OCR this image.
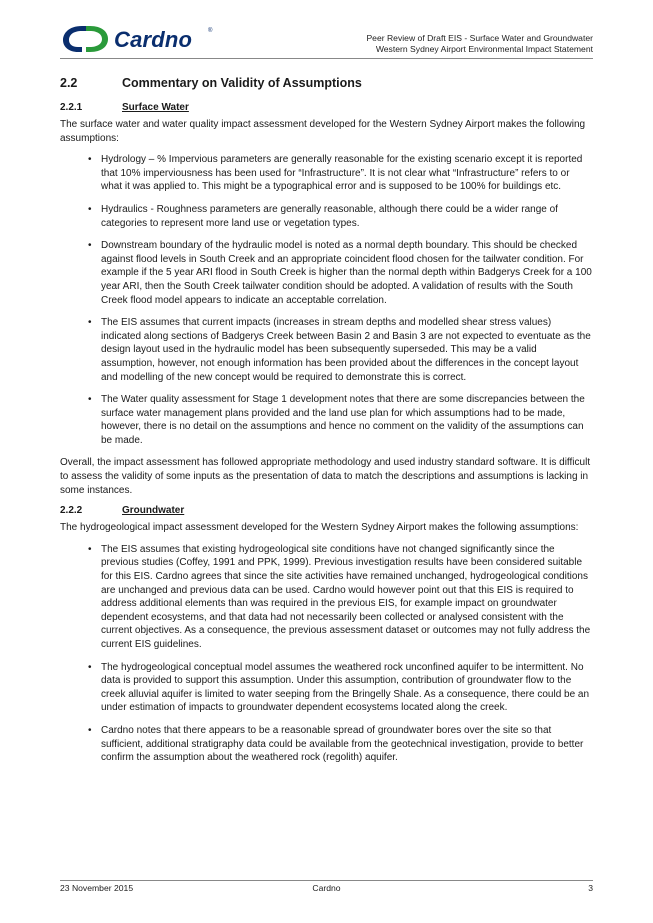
Cardno	®
Peer Review of Draft EIS - Surface Water and Groundwater
Western Sydney Airport Environmental Impact Statement
2.2	Commentary on Validity of Assumptions
2.2.1	Surface Water

The surface water and water quality impact assessment developed for the Western Sydney Airport makes the following assumptions:

• Hydrology – % Impervious parameters are generally reasonable for the existing scenario except it is reported that 10% imperviousness has been used for “Infrastructure”. It is not clear what “Infrastructure” refers to or what it was applied to. This might be a typographical error and is supposed to be 100% for buildings etc.
• Hydraulics - Roughness parameters are generally reasonable, although there could be a wider range of categories to represent more land use or vegetation types.
• Downstream boundary of the hydraulic model is noted as a normal depth boundary. This should be checked against flood levels in South Creek and an appropriate coincident flood chosen for the tailwater condition. For example if the 5 year ARI flood in South Creek is higher than the normal depth within Badgerys Creek for a 100 year ARI, then the South Creek tailwater condition should be adopted. A validation of results with the South Creek flood model appears to indicate an acceptable correlation.
• The EIS assumes that current impacts (increases in stream depths and modelled shear stress values) indicated along sections of Badgerys Creek between Basin 2 and Basin 3 are not expected to eventuate as the design layout used in the hydraulic model has been subsequently superseded. This may be a valid assumption, however, not enough information has been provided about the differences in the concept layout and modelling of the new concept would be required to demonstrate this is correct.
• The Water quality assessment for Stage 1 development notes that there are some discrepancies between the surface water management plans provided and the land use plan for which assumptions had to be made, however, there is no detail on the assumptions and hence no comment on the validity of the assumptions can be made.

Overall, the impact assessment has followed appropriate methodology and used industry standard software. It is difficult to assess the validity of some inputs as the presentation of data to match the descriptions and assumptions is lacking in some instances.

2.2.2	Groundwater

The hydrogeological impact assessment developed for the Western Sydney Airport makes the following assumptions:

• The EIS assumes that existing hydrogeological site conditions have not changed significantly since the previous studies (Coffey, 1991 and PPK, 1999). Previous investigation results have been considered suitable for this EIS. Cardno agrees that since the site activities have remained unchanged, hydrogeological conditions are unchanged and previous data can be used. Cardno would however point out that this EIS is required to address additional elements than was required in the previous EIS, for example impact on groundwater dependent ecosystems, and that data had not necessarily been collected or analysed consistent with the current objectives. As a consequence, the previous assessment dataset or outcomes may not fully address the current EIS guidelines.
• The hydrogeological conceptual model assumes the weathered rock unconfined aquifer to be intermittent. No data is provided to support this assumption. Under this assumption, contribution of groundwater flow to the creek alluvial aquifer is limited to water seeping from the Bringelly Shale. As a consequence, there could be an under estimation of impacts to groundwater dependent ecosystems located along the creek.
• Cardno notes that there appears to be a reasonable spread of groundwater bores over the site so that sufficient, additional stratigraphy data could be available from the geotechnical investigation, provide to better confirm the assumption about the weathered rock (regolith) aquifer.
23 November 2015	Cardno	3
